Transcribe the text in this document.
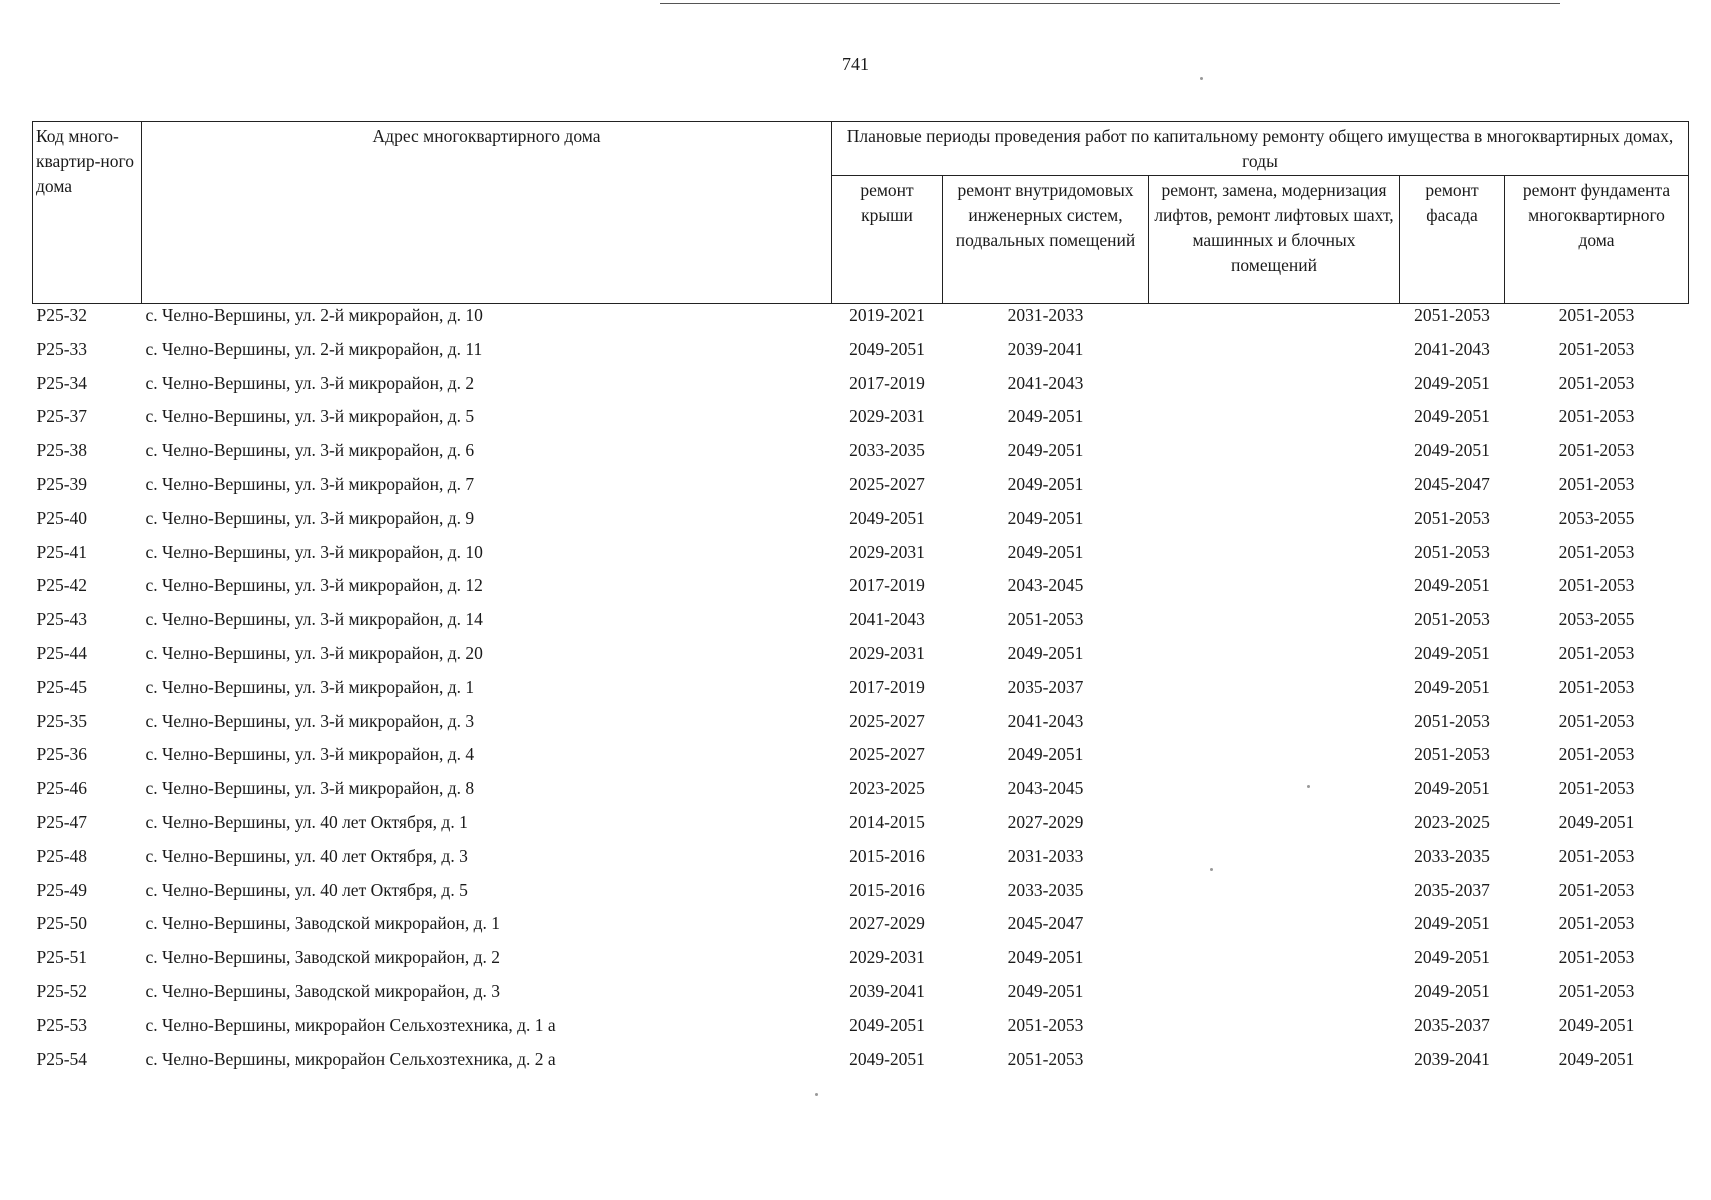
741
Код много-квартир-ного дома	Адрес многоквартирного дома	Плановые периоды проведения работ по капитальному ремонту общего имущества в многоквартирных домах, годы				
		ремонт крыши	ремонт внутридомовых инженерных систем, подвальных помещений	ремонт, замена, модернизация лифтов, ремонт лифтовых шахт, машинных и блочных помещений	ремонт фасада	ремонт фундамента многоквартирного дома
Р25-32	с. Челно-Вершины, ул. 2-й микрорайон, д. 10	2019-2021	2031-2033		2051-2053	2051-2053
Р25-33	с. Челно-Вершины, ул. 2-й микрорайон, д. 11	2049-2051	2039-2041		2041-2043	2051-2053
Р25-34	с. Челно-Вершины, ул. 3-й микрорайон, д. 2	2017-2019	2041-2043		2049-2051	2051-2053
Р25-37	с. Челно-Вершины, ул. 3-й микрорайон, д. 5	2029-2031	2049-2051		2049-2051	2051-2053
Р25-38	с. Челно-Вершины, ул. 3-й микрорайон, д. 6	2033-2035	2049-2051		2049-2051	2051-2053
Р25-39	с. Челно-Вершины, ул. 3-й микрорайон, д. 7	2025-2027	2049-2051		2045-2047	2051-2053
Р25-40	с. Челно-Вершины, ул. 3-й микрорайон, д. 9	2049-2051	2049-2051		2051-2053	2053-2055
Р25-41	с. Челно-Вершины, ул. 3-й микрорайон, д. 10	2029-2031	2049-2051		2051-2053	2051-2053
Р25-42	с. Челно-Вершины, ул. 3-й микрорайон, д. 12	2017-2019	2043-2045		2049-2051	2051-2053
Р25-43	с. Челно-Вершины, ул. 3-й микрорайон, д. 14	2041-2043	2051-2053		2051-2053	2053-2055
Р25-44	с. Челно-Вершины, ул. 3-й микрорайон, д. 20	2029-2031	2049-2051		2049-2051	2051-2053
Р25-45	с. Челно-Вершины, ул. 3-й микрорайон, д. 1	2017-2019	2035-2037		2049-2051	2051-2053
Р25-35	с. Челно-Вершины, ул. 3-й микрорайон, д. 3	2025-2027	2041-2043		2051-2053	2051-2053
Р25-36	с. Челно-Вершины, ул. 3-й микрорайон, д. 4	2025-2027	2049-2051		2051-2053	2051-2053
Р25-46	с. Челно-Вершины, ул. 3-й микрорайон, д. 8	2023-2025	2043-2045		2049-2051	2051-2053
Р25-47	с. Челно-Вершины, ул. 40 лет Октября, д. 1	2014-2015	2027-2029		2023-2025	2049-2051
Р25-48	с. Челно-Вершины, ул. 40 лет Октября, д. 3	2015-2016	2031-2033		2033-2035	2051-2053
Р25-49	с. Челно-Вершины, ул. 40 лет Октября, д. 5	2015-2016	2033-2035		2035-2037	2051-2053
Р25-50	с. Челно-Вершины, Заводской микрорайон, д. 1	2027-2029	2045-2047		2049-2051	2051-2053
Р25-51	с. Челно-Вершины, Заводской микрорайон, д. 2	2029-2031	2049-2051		2049-2051	2051-2053
Р25-52	с. Челно-Вершины, Заводской микрорайон, д. 3	2039-2041	2049-2051		2049-2051	2051-2053
Р25-53	с. Челно-Вершины, микрорайон Сельхозтехника, д. 1 а	2049-2051	2051-2053		2035-2037	2049-2051
Р25-54	с. Челно-Вершины, микрорайон Сельхозтехника, д. 2 а	2049-2051	2051-2053		2039-2041	2049-2051
